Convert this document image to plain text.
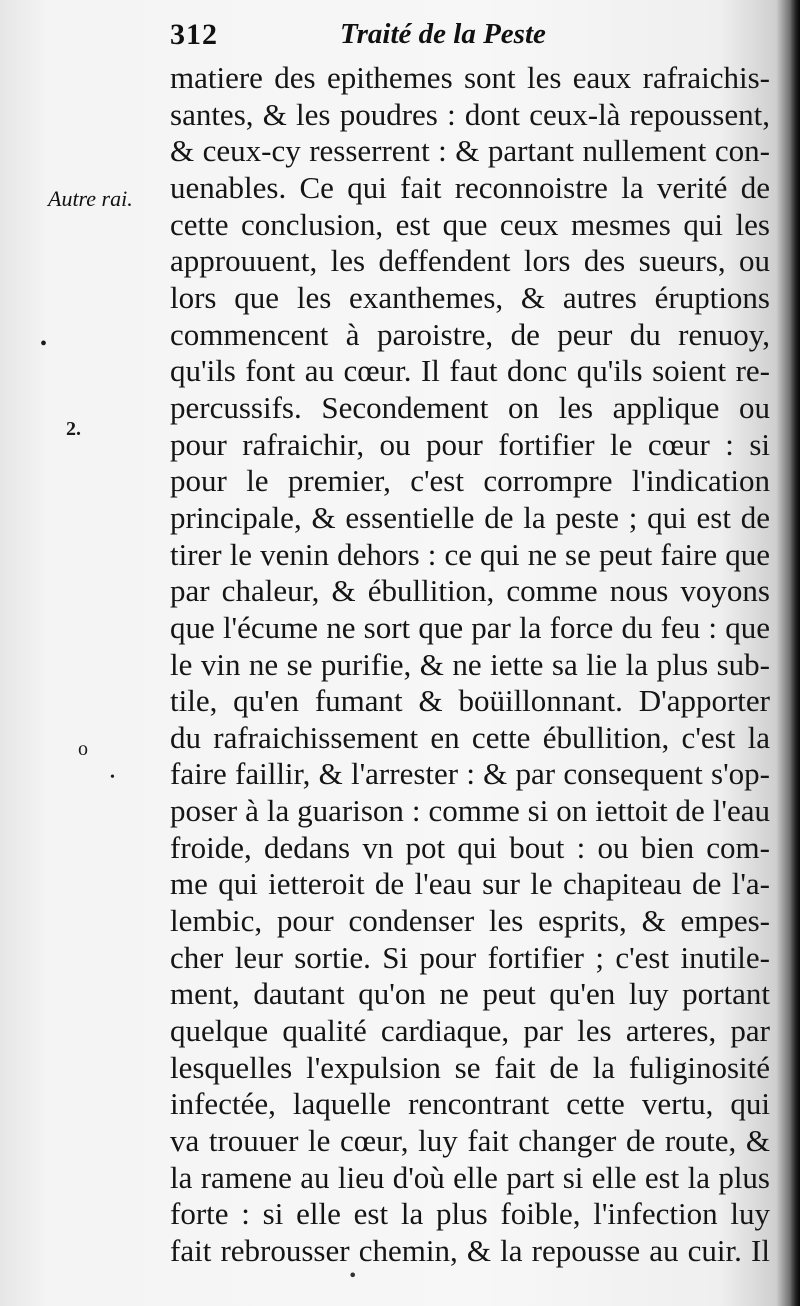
312	Traité de la Peste
Autre rai.
•
2.
o
•
matiere des epithemes sont les eaux rafraichis-
santes, & les poudres : dont ceux-là repoussent,
& ceux-cy resserrent : & partant nullement con-
uenables. Ce qui fait reconnoistre la verité de
cette conclusion, est que ceux mesmes qui les
approuuent, les deffendent lors des sueurs, ou
lors que les exanthemes, & autres éruptions
commencent à paroistre, de peur du renuoy,
qu'ils font au cœur. Il faut donc qu'ils soient re-
percussifs. Secondement on les applique ou
pour rafraichir, ou pour fortifier le cœur : si
pour le premier, c'est corrompre l'indication
principale, & essentielle de la peste ; qui est de
tirer le venin dehors : ce qui ne se peut faire que
par chaleur, & ébullition, comme nous voyons
que l'écume ne sort que par la force du feu : que
le vin ne se purifie, & ne iette sa lie la plus sub-
tile, qu'en fumant & boüillonnant. D'apporter
du rafraichissement en cette ébullition, c'est la
faire faillir, & l'arrester : & par consequent s'op-
poser à la guarison : comme si on iettoit de l'eau
froide, dedans vn pot qui bout : ou bien com-
me qui ietteroit de l'eau sur le chapiteau de l'a-
lembic, pour condenser les esprits, & empes-
cher leur sortie. Si pour fortifier ; c'est inutile-
ment, dautant qu'on ne peut qu'en luy portant
quelque qualité cardiaque, par les arteres, par
lesquelles l'expulsion se fait de la fuliginosité
infectée, laquelle rencontrant cette vertu, qui
va trouuer le cœur, luy fait changer de route, &
la ramene au lieu d'où elle part si elle est la plus
forte : si elle est la plus foible, l'infection luy
fait rebrousser chemin, & la repousse au cuir. Il
•
